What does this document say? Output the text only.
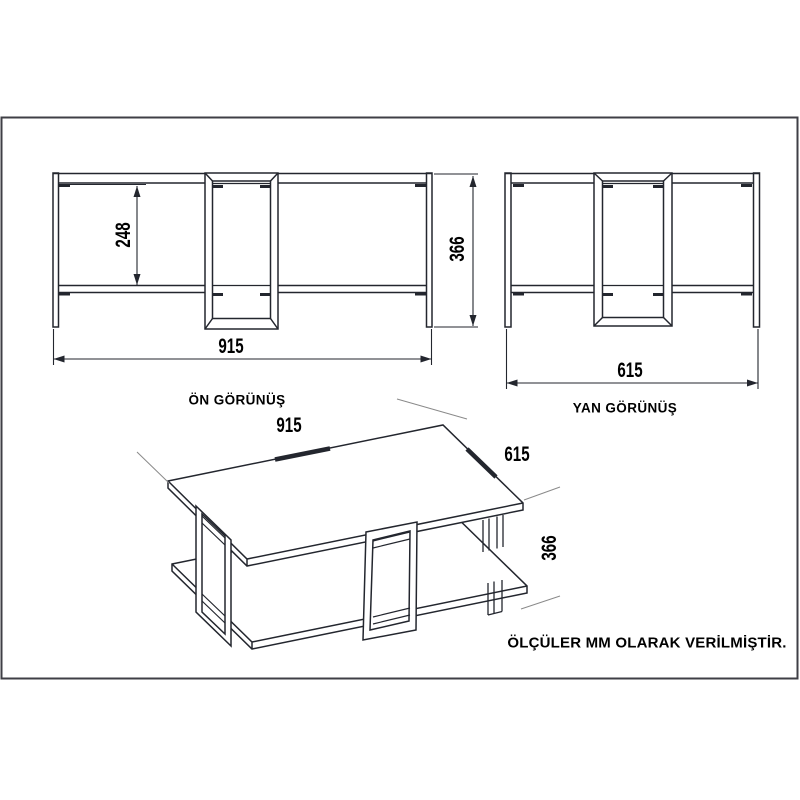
248
915
366
ÖN GÖRÜNÜŞ
615
YAN GÖRÜNÜŞ
915
615
366
ÖLÇÜLER MM OLARAK VERİLMİŞTİR.
